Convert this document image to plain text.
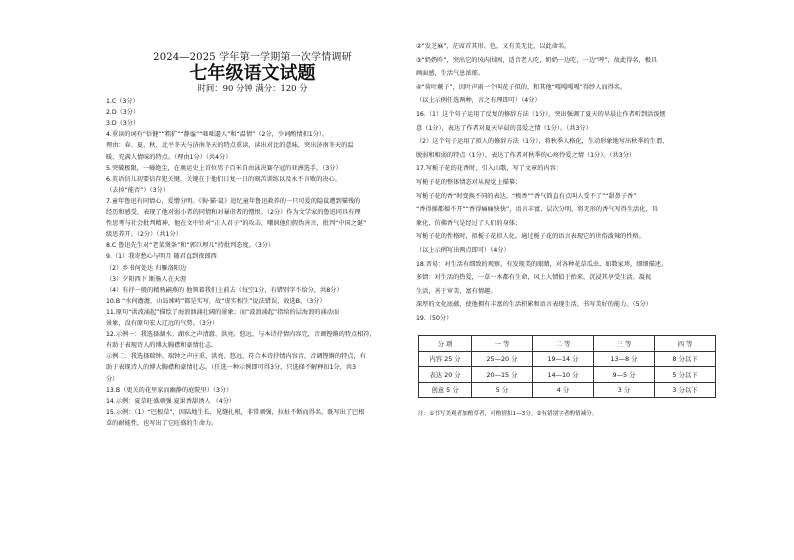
2024—2025 学年第一学期第一次学情调研
七年级语文试题
时间：90 分钟 满分：120 分
1.C（3分）
2.D（3分）
3.D（3分）
4.重读的词有“倍健”“粗犷”“静谧”“咄咄逼人”和“温情”（2分，少词酌情扣1分）。
理由：春、夏、秋、北平冬天与济南冬天的特点重读，读出对比的意味，突出济南冬天的温
暖、充满人情味的特点。（理由1分）（共4分）
5.突破极限，一骑绝尘，在奥运史上首位男子百米自由泳决赛夺冠的亚洲选手。（3分）
6.英语信儿初要信存犯关键，关键在于他们日复一日的刻苦训练以及永不言败的决心。
（去掉“能否”）（3分）
7.童年鲁迅有同情心，爱憎分明。《狗·猫·鼠》追忆童年鲁迅救养的一只可爱的隐鼠遭到猫残的
经历和感受，表现了他对弱小者的同情和对暴虐者的憎恨。（2分）作为文学家的鲁迅同具有理
性思考与社会批判精神，他在文中针对“正人君子”的攻击，嘲讽他们假伪善言，批判“中国之诞”
级思养开。（2分）（共1分）
8.C 鲁迅先生对“老菜煲条”和“郭巨埋儿”持批判态度。（3分）
9.（1）我寄愁心与明月 随君直到夜郎西
（2）乡书何处达 归雁洛阳边
（3）夕阳西下 断肠人在天涯
（4）有抒一般的精熟嗣燕的 他领着我们上前去（每空1分，有错别字不给分，共8分）
10.B “水何澹澹，山岛竦峙”都是实写，故“虚实相生”说法错误，故选B。（3分）
11.原句“洪波涌起”描绘了海浪汹涌壮阔的景象；而“波浪涌起”指给的层海浪的涌动而
景象，没有原句宏大辽远的气势。（3分）
12.示例一：我选择湖水。湖水之声清澈、洪亮、悠远，与本诗抒情内容完，音调铿锵的特点相符，
有助于表现诗人的博大胸襟和豪情壮志。
示例二：我选择瑞钟。瑞钟之声庄重、洪亮、悠远，符合本诗抒情内容音，音调铿锵的特点，有
助于表现诗人的博大胸襟和豪情壮志。（任选一种示例即可得3分，只选择不解释扣1分，共3
分）
13.B（更关的花里家而幽静的庭院里）（3分）
14.示例：夏草旺盛顽强 夏果香甜诱人 （4分）
15.示例：（1）“巴根草”，因陆地生长，见缝扎根，非常顽强，拉扯不断而得名，既写出了巴根
草的耐能性，也写出了它旺盛的生命力。
②“发芝麻”，茫席首其形、色，又有美无比，以此命名。
③“奶奶昨”，突出它的风内围困，适音老人吃，奶奶一边吃，一边“哼”，故此得名，极具
画面感，生活气息浓郁。
④“荷叶蕨子”，因叶声雨一个叫花子似的，和其他“嘎嘎嘎嘎”得纱人而得名。
（以上示例任选两种，言之有理即可）（4分）
16.（1）这个句子运用了反复的修辞方法（1分），突出强调了夏天的早晨让作者听到活泼惬
意（1分），表达了作者对夏天早晨的喜爱之情（1分）。（共3分）
（2）这个句子运用了拟人的修辞方法（1分），将秋季人格化，生动形象地写出秋季的生谓、
脱弱和相弱的特点（1分），表达了作者对秋季的心疼怜爱之情（1分）。（共3分）
17.写栀子花的花香时，引入山歌，写了文章的内容：
写栀子花的整体情态对从视觉上描摹；
写栀子花的香“时变换不同的表达，“极香”“香气简直有点叫人受不了”“甜鼻子香”
“香得掸都掸不开”“香得痛痛快快”，语言丰富，层次分明，将无形的香气写得生活化，具
象化，仿佛香气是经过了人们的身体；
写栀子花的性格时，拟栀子花拟人化，通过栀子花的语言表现它的世俗泼辣的性格。
（以上示例写出两点即可）（4分）
18.晋易：对生活有细致的观察，有发现美的眼睛，对各种花草瓜虫，如数家珍，细细描述。
多情：对生活的热爱，一草一木都有生命，风土人情值于抬来，沉浸其享受生活。凝视
生活，善于审美，富有情趣。
深厚的文化底蕴，使他拥有丰富的生活积累和语言表现生活，书写美好的能力。（5分）
19.（50分）
分 项	一 等	二 等	三 等	四 等
内容 25 分	25—20 分	19—14 分	13—8 分	8 分以下
表达 20 分	20—15 分	14—10 分	9—5 分	5 分以下
创意 5 分	5 分	4 分	3 分	3 分以下
注：①书写美观者加酌草者，可酌情扣1—3分。②有错别字者酌情减分。
